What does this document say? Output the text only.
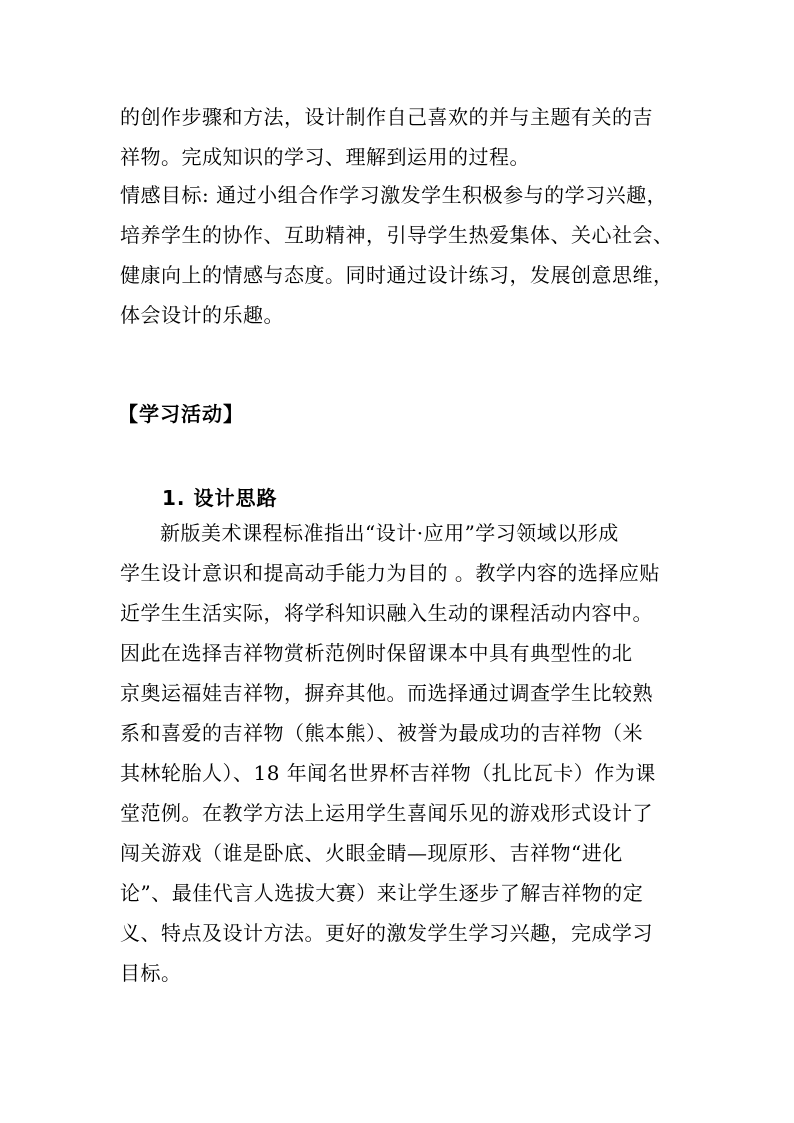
的创作步骤和方法，设计制作自己喜欢的并与主题有关的吉
祥物。完成知识的学习、理解到运用的过程。
情感目标: 通过小组合作学习激发学生积极参与的学习兴趣，
培养学生的协作、互助精神，引导学生热爱集体、关心社会、
健康向上的情感与态度。同时通过设计练习，发展创意思维，
体会设计的乐趣。
【学习活动】
1. 设计思路
新版美术课程标准指出“设计·应用”学习领域以形成
学生设计意识和提高动手能力为目的 。教学内容的选择应贴
近学生生活实际，将学科知识融入生动的课程活动内容中。
因此在选择吉祥物赏析范例时保留课本中具有典型性的北
京奥运福娃吉祥物，摒弃其他。而选择通过调查学生比较熟
系和喜爱的吉祥物（熊本熊）、被誉为最成功的吉祥物（米
其林轮胎人）、18 年闻名世界杯吉祥物（扎比瓦卡）作为课
堂范例。在教学方法上运用学生喜闻乐见的游戏形式设计了
闯关游戏（谁是卧底、火眼金睛—现原形、吉祥物“进化
论”、最佳代言人选拔大赛）来让学生逐步了解吉祥物的定
义、特点及设计方法。更好的激发学生学习兴趣，完成学习
目标。
